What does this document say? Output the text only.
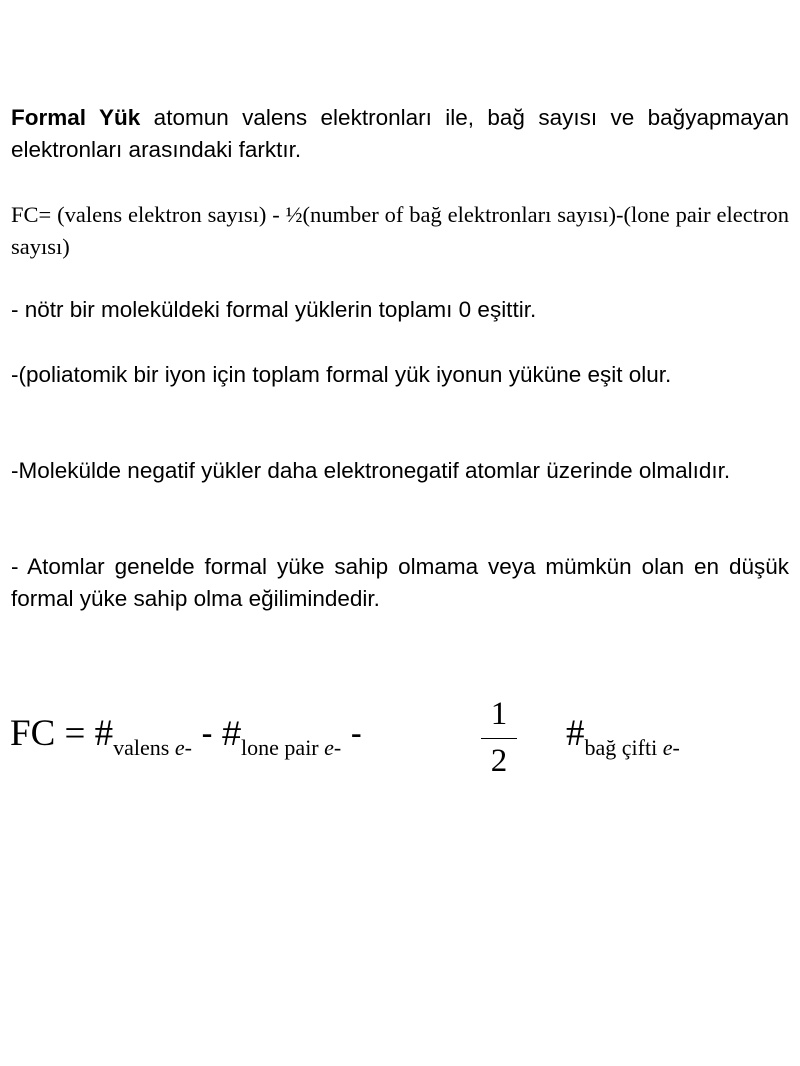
Formal Yük atomun valens elektronları ile, bağ sayısı ve bağyapmayan elektronları arasındaki farktır.

FC= (valens elektron sayısı) - ½(number of bağ elektronları sayısı)-(lone pair electron sayısı)

- nötr bir moleküldeki formal yüklerin toplamı 0 eşittir.

-(poliatomik bir iyon için toplam formal yük iyonun yüküne eşit olur.

-Molekülde negatif yükler daha elektronegatif atomlar üzerinde olmalıdır.

- Atomlar genelde formal yüke sahip olmama veya mümkün olan en düşük formal yüke sahip olma eğilimindedir.

FC = $\#_{valens e-}$ - $\#_{lone pair e-}$ -
1
2
$\#_{bağ çifti e-}$
